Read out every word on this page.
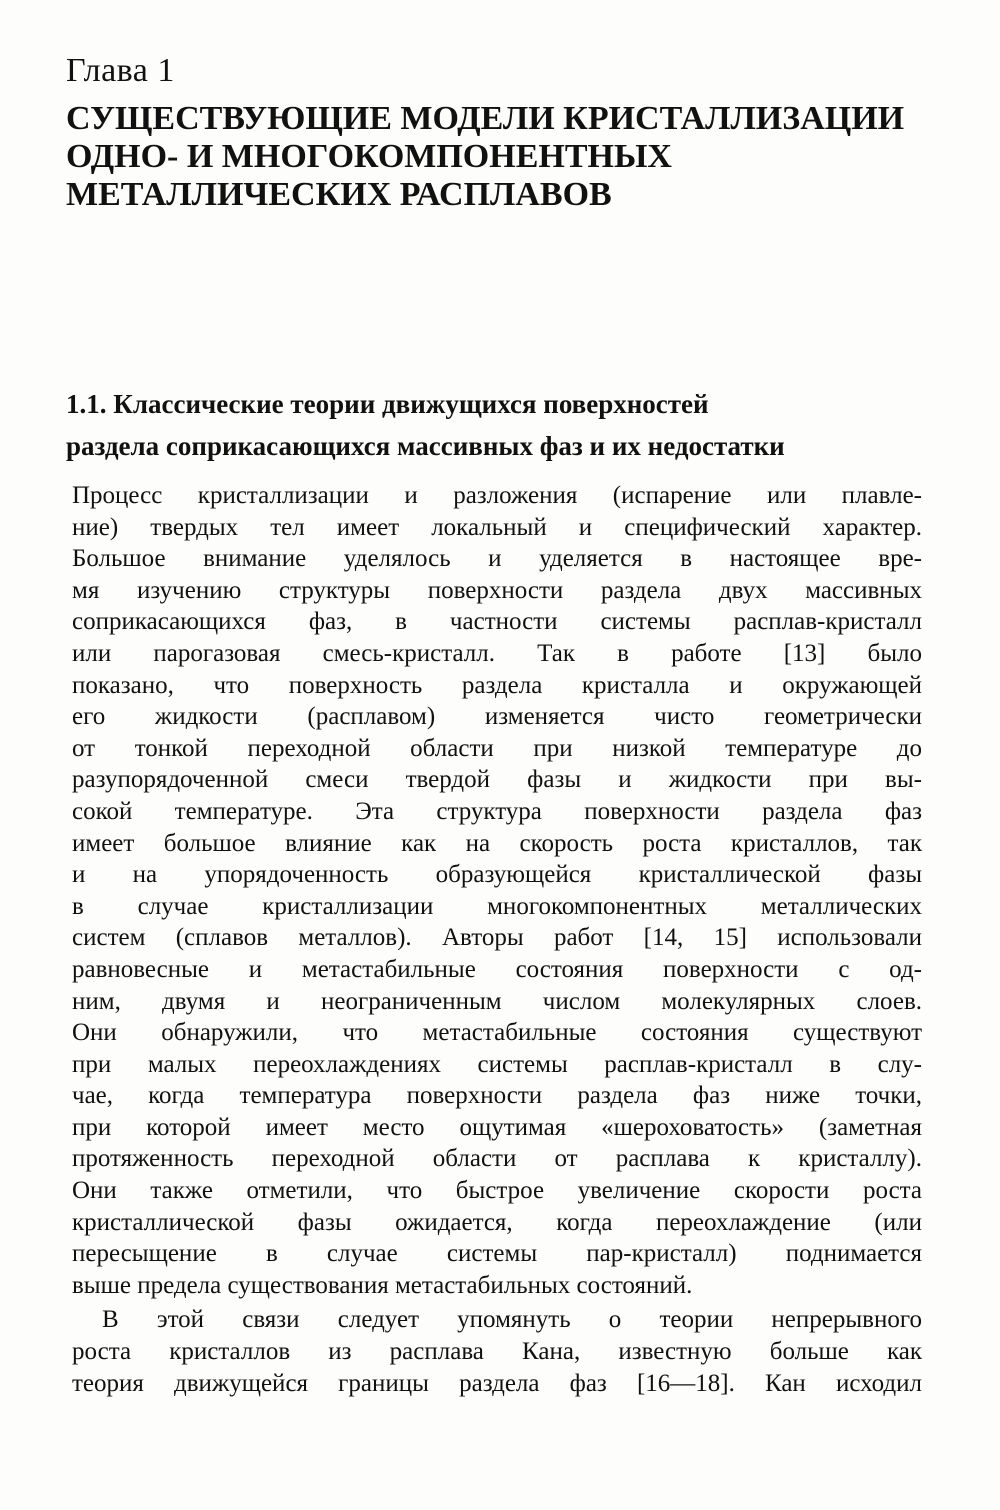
Глава 1
СУЩЕСТВУЮЩИЕ МОДЕЛИ КРИСТАЛЛИЗАЦИИ
ОДНО- И МНОГОКОМПОНЕНТНЫХ
МЕТАЛЛИЧЕСКИХ РАСПЛАВОВ
1.1. Классические теории движущихся поверхностей
раздела соприкасающихся массивных фаз и их недостатки
Процесс кристаллизации и разложения (испарение или плавле-
ние) твердых тел имеет локальный и специфический характер.
Большое внимание уделялось и уделяется в настоящее вре-
мя изучению структуры поверхности раздела двух массивных
соприкасающихся фаз, в частности системы расплав-кристалл
или парогазовая смесь-кристалл. Так в работе [13] было
показано, что поверхность раздела кристалла и окружающей
его жидкости (расплавом) изменяется чисто геометрически
от тонкой переходной области при низкой температуре до
разупорядоченной смеси твердой фазы и жидкости при вы-
сокой температуре. Эта структура поверхности раздела фаз
имеет большое влияние как на скорость роста кристаллов, так
и на упорядоченность образующейся кристаллической фазы
в случае кристаллизации многокомпонентных металлических
систем (сплавов металлов). Авторы работ [14, 15] использовали
равновесные и метастабильные состояния поверхности с од-
ним, двумя и неограниченным числом молекулярных слоев.
Они обнаружили, что метастабильные состояния существуют
при малых переохлаждениях системы расплав-кристалл в слу-
чае, когда температура поверхности раздела фаз ниже точки,
при которой имеет место ощутимая «шероховатость» (заметная
протяженность переходной области от расплава к кристаллу).
Они также отметили, что быстрое увеличение скорости роста
кристаллической фазы ожидается, когда переохлаждение (или
пересыщение в случае системы пар-кристалл) поднимается
выше предела существования метастабильных состояний.
В этой связи следует упомянуть о теории непрерывного
роста кристаллов из расплава Кана, известную больше как
теория движущейся границы раздела фаз [16—18]. Кан исходил
